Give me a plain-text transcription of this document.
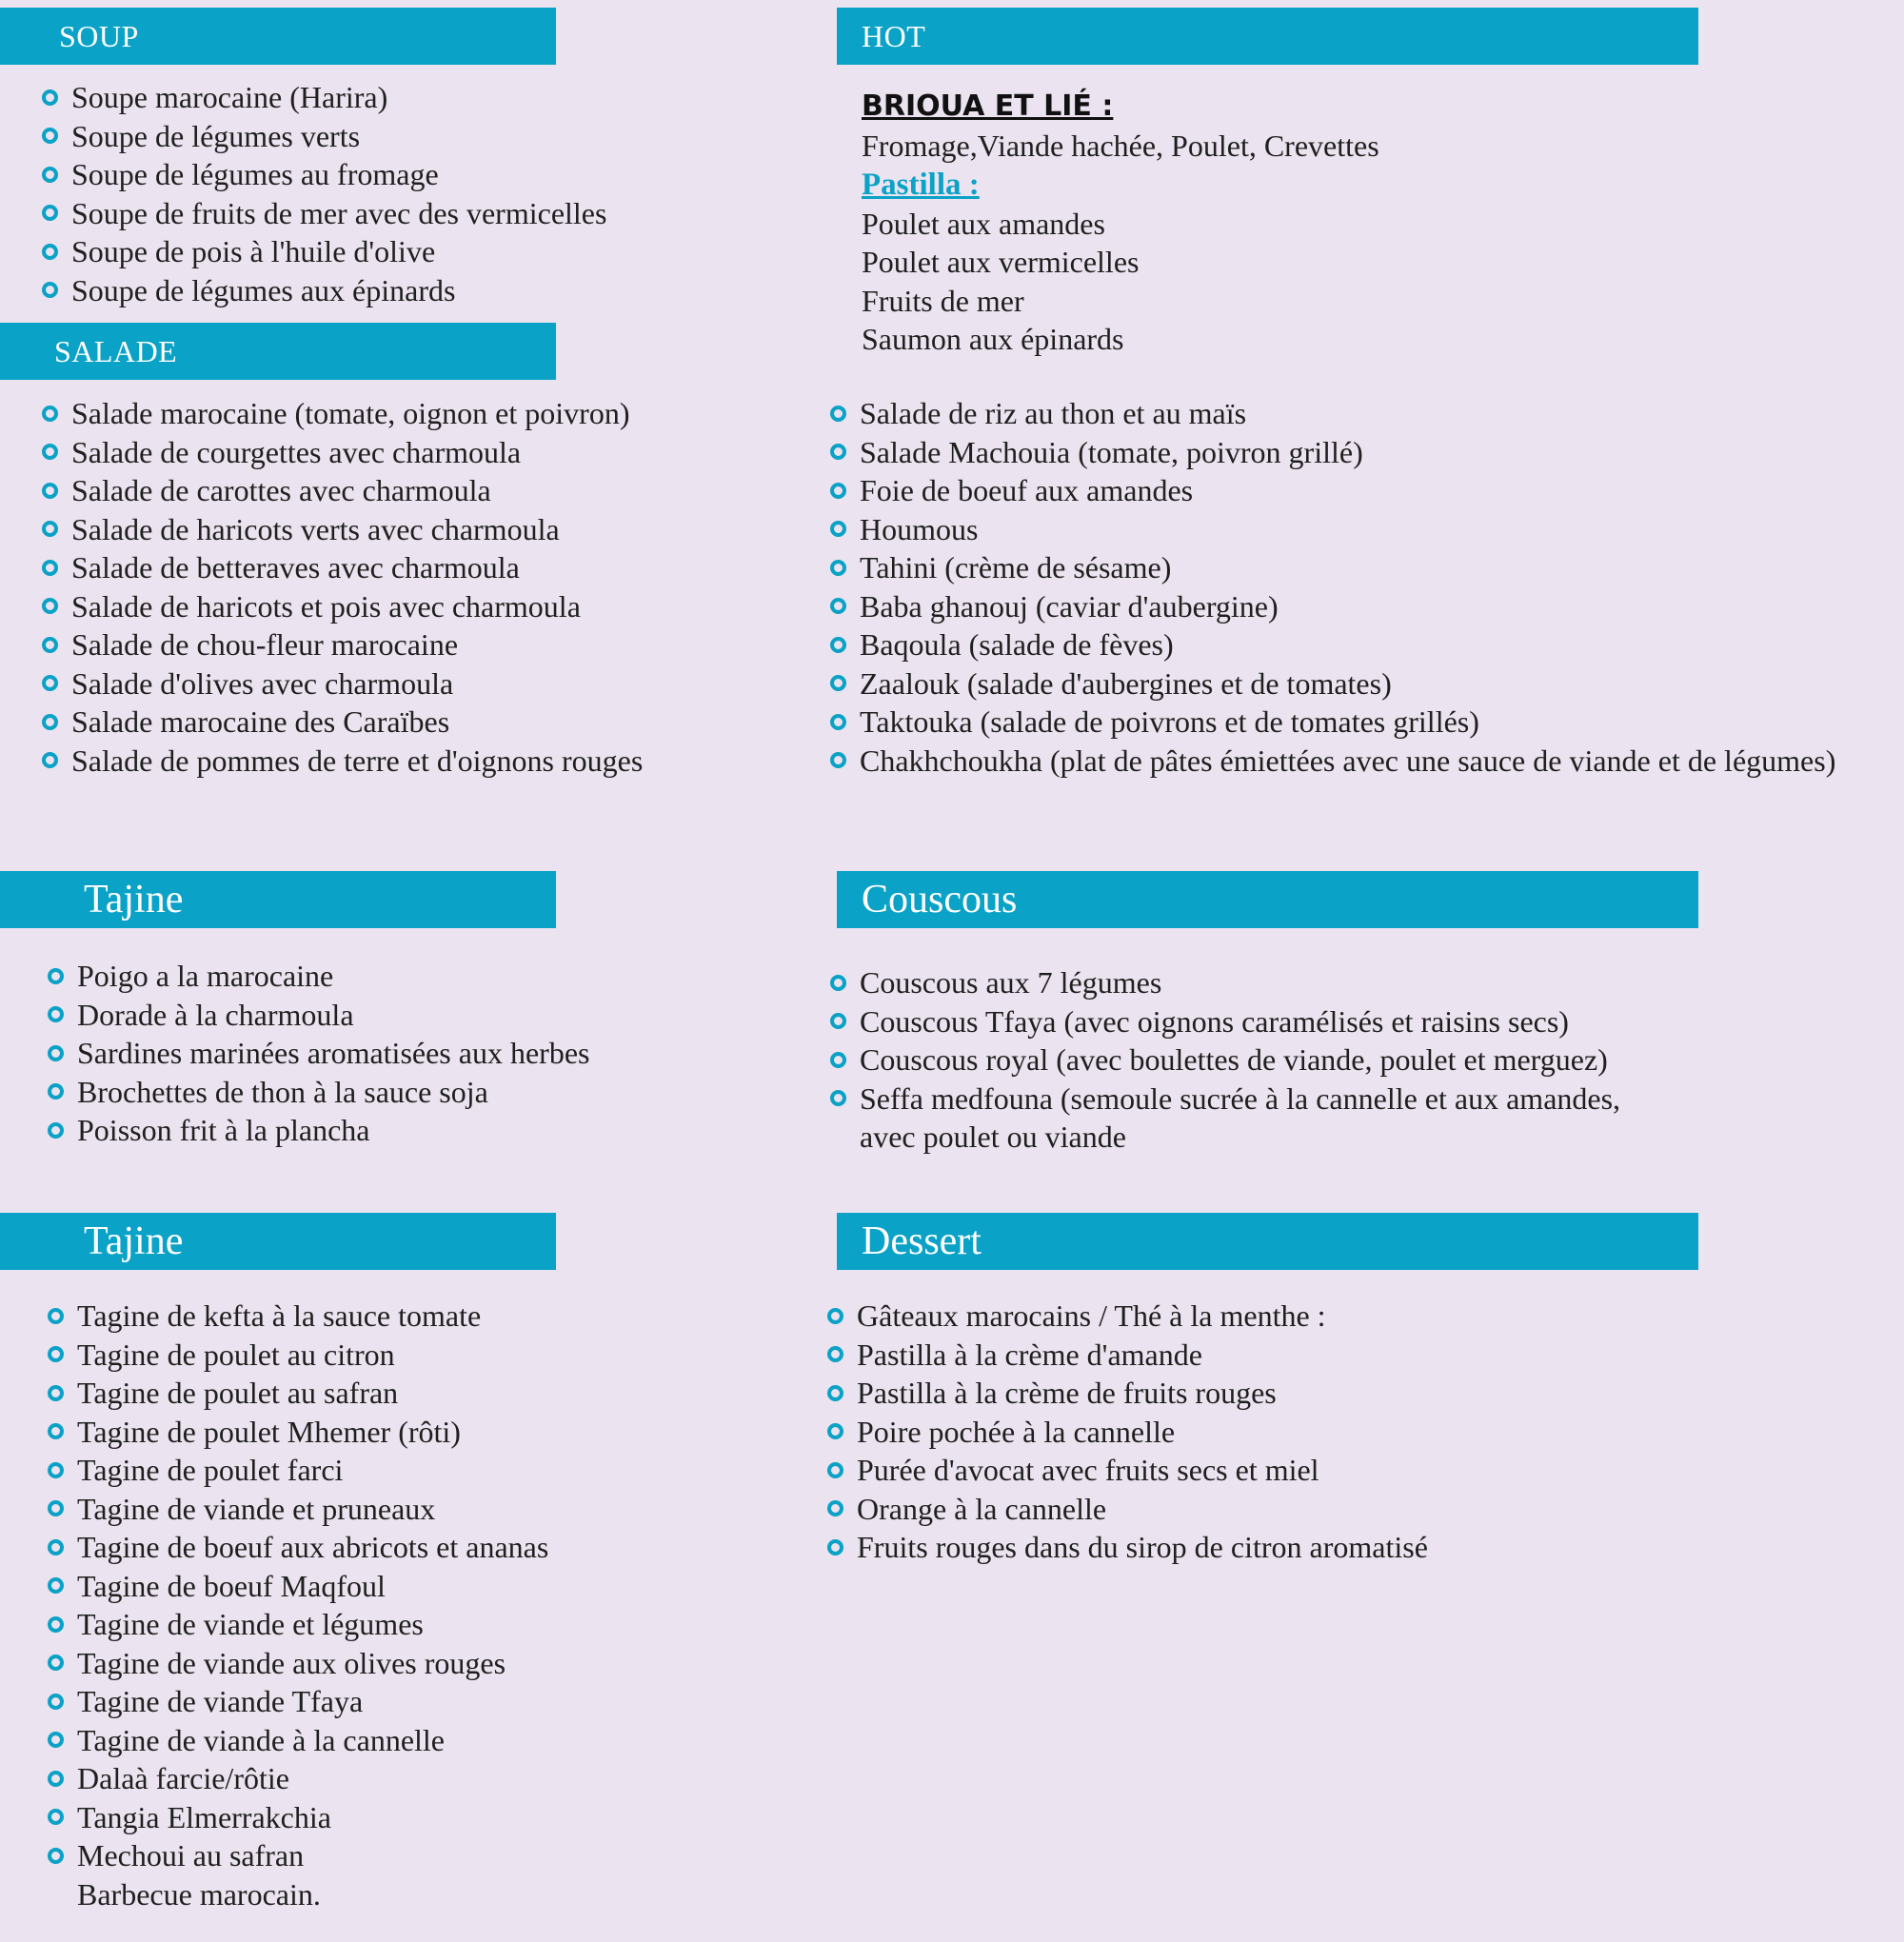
SOUP
Soupe marocaine (Harira)
Soupe de légumes verts
Soupe de légumes au fromage
Soupe de fruits de mer avec des vermicelles
Soupe de pois à l'huile d'olive
Soupe de légumes aux épinards
HOT
BRIOUA ET LIÉ :
Fromage,Viande hachée, Poulet, Crevettes
Pastilla :
Poulet aux amandes
Poulet aux vermicelles
Fruits de mer
Saumon aux épinards
SALADE
Salade marocaine (tomate, oignon et poivron)
Salade de courgettes avec charmoula
Salade de carottes avec charmoula
Salade de haricots verts avec charmoula
Salade de betteraves avec charmoula
Salade de haricots et pois avec charmoula
Salade de chou-fleur marocaine
Salade d'olives avec charmoula
Salade marocaine des Caraïbes
Salade de pommes de terre et d'oignons rouges
Salade de riz au thon et au maïs
Salade Machouia (tomate, poivron grillé)
Foie de boeuf aux amandes
Houmous
Tahini (crème de sésame)
Baba ghanouj (caviar d'aubergine)
Baqoula (salade de fèves)
Zaalouk (salade d'aubergines et de tomates)
Taktouka (salade de poivrons et de tomates grillés)
Chakhchoukha (plat de pâtes émiettées avec une sauce de viande et de légumes)
Tajine
Poigo a la marocaine
Dorade à la charmoula
Sardines marinées aromatisées aux herbes
Brochettes de thon à la sauce soja
Poisson frit à la plancha
Couscous
Couscous aux 7 légumes
Couscous Tfaya (avec oignons caramélisés et raisins secs)
Couscous royal (avec boulettes de viande, poulet et merguez)
Seffa medfouna (semoule sucrée à la cannelle et aux amandes,
avec poulet ou viande
Tajine
Tagine de kefta à la sauce tomate
Tagine de poulet au citron
Tagine de poulet au safran
Tagine de poulet Mhemer (rôti)
Tagine de poulet farci
Tagine de viande et pruneaux
Tagine de boeuf aux abricots et ananas
Tagine de boeuf Maqfoul
Tagine de viande et légumes
Tagine de viande aux olives rouges
Tagine de viande Tfaya
Tagine de viande à la cannelle
Dalaà farcie/rôtie
Tangia Elmerrakchia
Mechoui au safran
Barbecue marocain.
Dessert
Gâteaux marocains / Thé à la menthe :
Pastilla à la crème d'amande
Pastilla à la crème de fruits rouges
Poire pochée à la cannelle
Purée d'avocat avec fruits secs et miel
Orange à la cannelle
Fruits rouges dans du sirop de citron aromatisé
